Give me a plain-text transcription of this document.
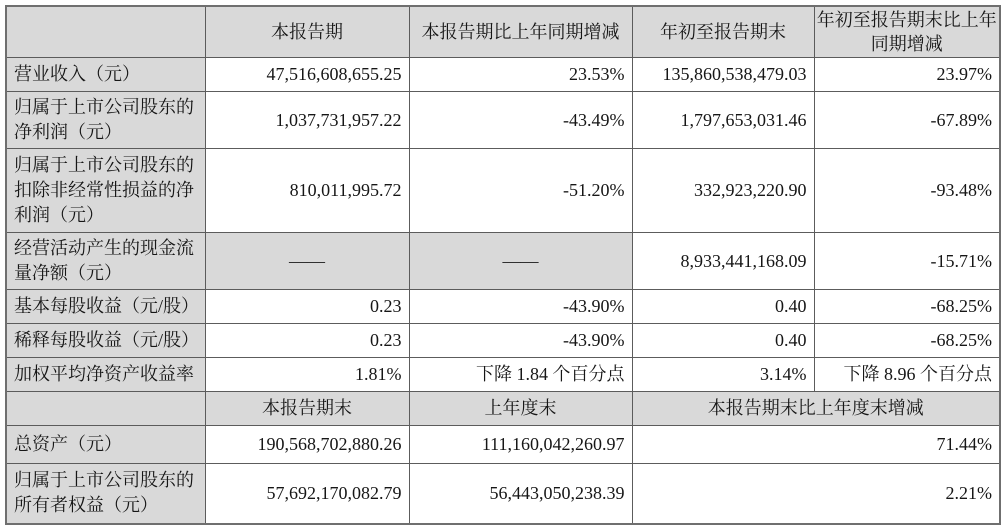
	本报告期	本报告期比上年同期增减	年初至报告期末	年初至报告期末比上年同期增减
营业收入（元）	47,516,608,655.25	23.53%	135,860,538,479.03	23.97%
归属于上市公司股东的净利润（元）	1,037,731,957.22	-43.49%	1,797,653,031.46	-67.89%
归属于上市公司股东的扣除非经常性损益的净利润（元）	810,011,995.72	-51.20%	332,923,220.90	-93.48%
经营活动产生的现金流量净额（元）	——	——	8,933,441,168.09	-15.71%
基本每股收益（元/股）	0.23	-43.90%	0.40	-68.25%
稀释每股收益（元/股）	0.23	-43.90%	0.40	-68.25%
加权平均净资产收益率	1.81%	下降 1.84 个百分点	3.14%	下降 8.96 个百分点
	本报告期末	上年度末	本报告期末比上年度末增减	
总资产（元）	190,568,702,880.26	111,160,042,260.97	71.44%	
归属于上市公司股东的所有者权益（元）	57,692,170,082.79	56,443,050,238.39	2.21%	
